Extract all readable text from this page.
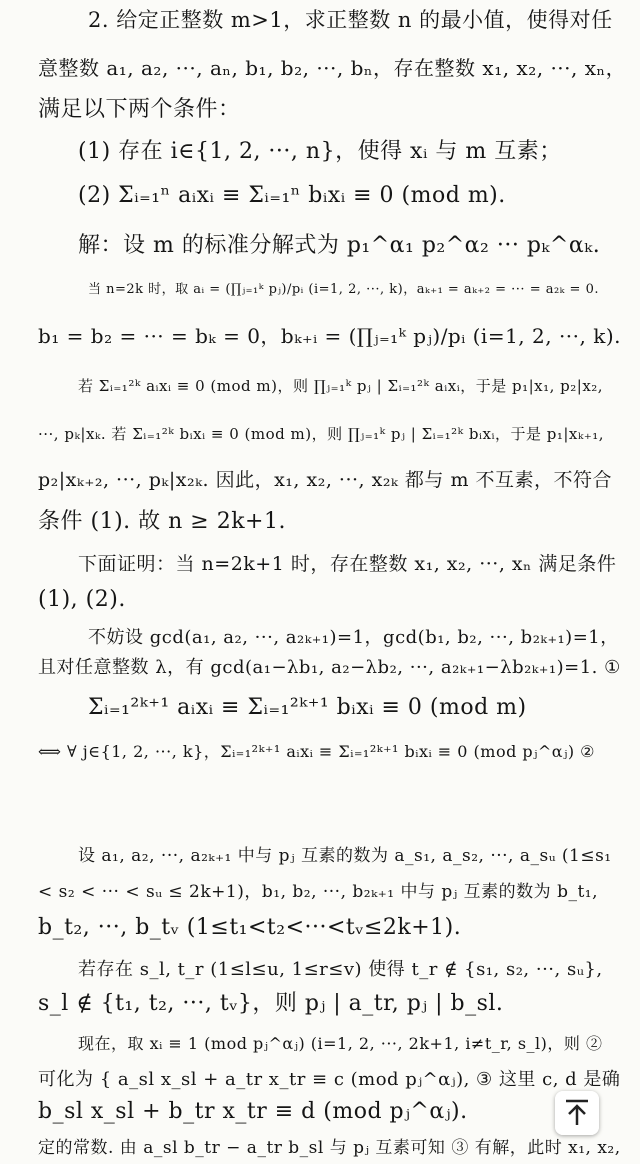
2. 给定正整数 m>1，求正整数 n 的最小值，使得对任
意整数 a₁, a₂, ···, aₙ, b₁, b₂, ···, bₙ，存在整数 x₁, x₂, ···, xₙ，
满足以下两个条件：
(1) 存在 i∈{1, 2, ···, n}，使得 xᵢ 与 m 互素；
(2) Σᵢ₌₁ⁿ aᵢxᵢ ≡ Σᵢ₌₁ⁿ bᵢxᵢ ≡ 0 (mod m).
解：设 m 的标准分解式为 p₁^α₁ p₂^α₂ ··· pₖ^αₖ.
当 n=2k 时，取 aᵢ = (∏ⱼ₌₁ᵏ pⱼ)/pᵢ (i=1, 2, ···, k)，aₖ₊₁ = aₖ₊₂ = ··· = a₂ₖ = 0.
b₁ = b₂ = ··· = bₖ = 0，bₖ₊ᵢ = (∏ⱼ₌₁ᵏ pⱼ)/pᵢ (i=1, 2, ···, k).
若 Σᵢ₌₁²ᵏ aᵢxᵢ ≡ 0 (mod m)，则 ∏ⱼ₌₁ᵏ pⱼ | Σᵢ₌₁²ᵏ aᵢxᵢ，于是 p₁|x₁, p₂|x₂,
···, pₖ|xₖ. 若 Σᵢ₌₁²ᵏ bᵢxᵢ ≡ 0 (mod m)，则 ∏ⱼ₌₁ᵏ pⱼ | Σᵢ₌₁²ᵏ bᵢxᵢ，于是 p₁|xₖ₊₁,
p₂|xₖ₊₂, ···, pₖ|x₂ₖ. 因此，x₁, x₂, ···, x₂ₖ 都与 m 不互素，不符合
条件 (1). 故 n ≥ 2k+1.
下面证明：当 n=2k+1 时，存在整数 x₁, x₂, ···, xₙ 满足条件
(1), (2).
不妨设 gcd(a₁, a₂, ···, a₂ₖ₊₁)=1，gcd(b₁, b₂, ···, b₂ₖ₊₁)=1，
且对任意整数 λ，有 gcd(a₁−λb₁, a₂−λb₂, ···, a₂ₖ₊₁−λb₂ₖ₊₁)=1. ①
Σᵢ₌₁²ᵏ⁺¹ aᵢxᵢ ≡ Σᵢ₌₁²ᵏ⁺¹ bᵢxᵢ ≡ 0 (mod m)
⟺ ∀ j∈{1, 2, ···, k}，Σᵢ₌₁²ᵏ⁺¹ aᵢxᵢ ≡ Σᵢ₌₁²ᵏ⁺¹ bᵢxᵢ ≡ 0 (mod pⱼ^αⱼ) ②
设 a₁, a₂, ···, a₂ₖ₊₁ 中与 pⱼ 互素的数为 a_s₁, a_s₂, ···, a_sᵤ (1≤s₁
< s₂ < ··· < sᵤ ≤ 2k+1)，b₁, b₂, ···, b₂ₖ₊₁ 中与 pⱼ 互素的数为 b_t₁,
b_t₂, ···, b_tᵥ (1≤t₁<t₂<···<tᵥ≤2k+1).
若存在 s_l, t_r (1≤l≤u, 1≤r≤v) 使得 t_r ∉ {s₁, s₂, ···, sᵤ},
s_l ∉ {t₁, t₂, ···, tᵥ}，则 pⱼ | a_tr, pⱼ | b_sl.
现在，取 xᵢ ≡ 1 (mod pⱼ^αⱼ) (i=1, 2, ···, 2k+1, i≠t_r, s_l)，则 ②
可化为 { a_sl x_sl + a_tr x_tr ≡ c (mod pⱼ^αⱼ), ③ 这里 c, d 是确
b_sl x_sl + b_tr x_tr ≡ d (mod pⱼ^αⱼ).
定的常数. 由 a_sl b_tr − a_tr b_sl 与 pⱼ 互素可知 ③ 有解，此时 x₁, x₂,
